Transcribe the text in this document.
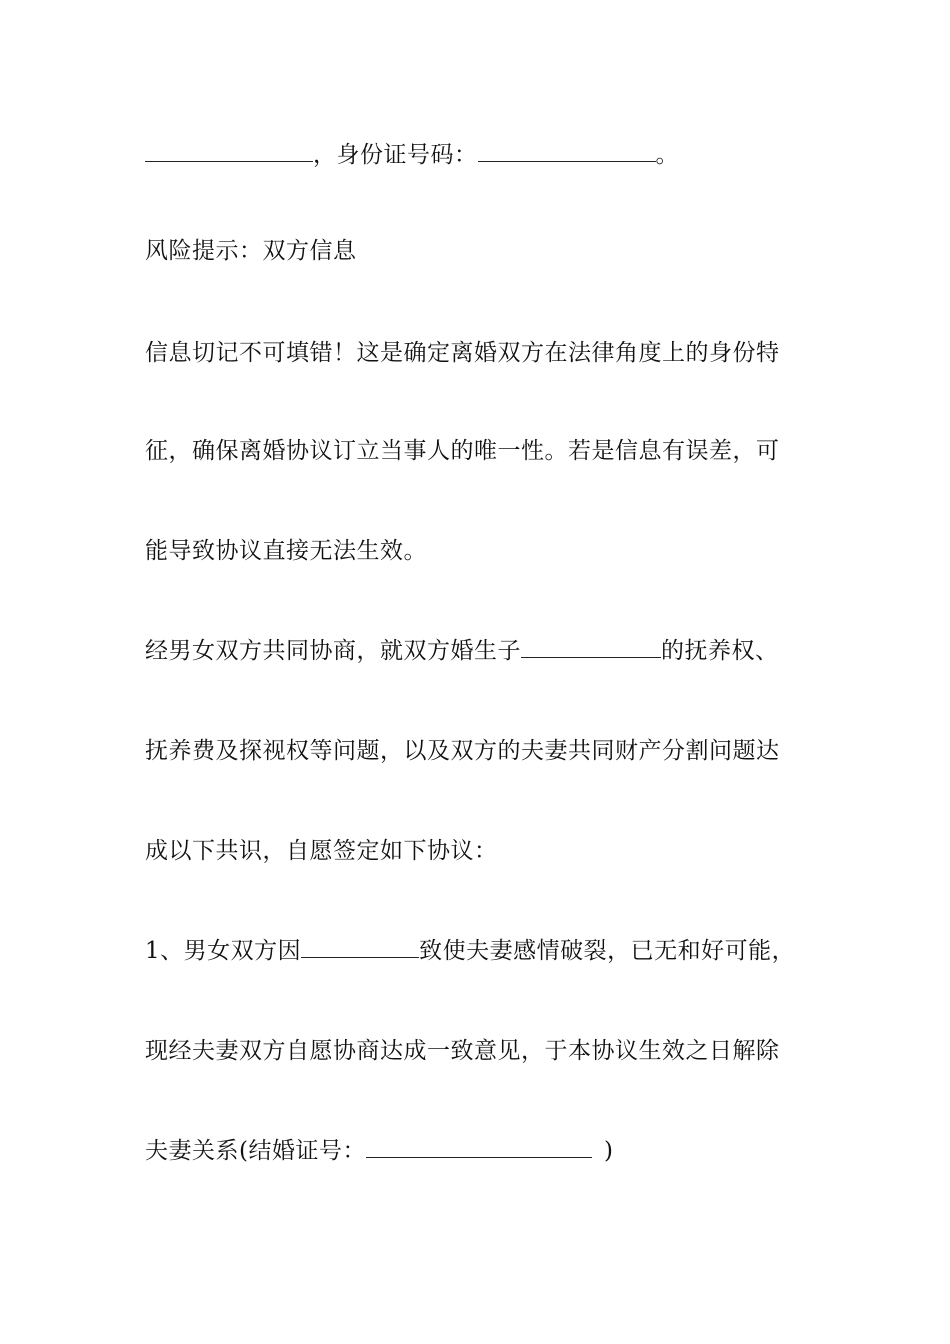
，身份证号码：	。
风险提示：双方信息
信息切记不可填错！这是确定离婚双方在法律角度上的身份特
征，确保离婚协议订立当事人的唯一性。若是信息有误差，可
能导致协议直接无法生效。
经男女双方共同协商，就双方婚生子	的抚养权、
抚养费及探视权等问题，以及双方的夫妻共同财产分割问题达
成以下共识，自愿签定如下协议：
1、男女双方因	致使夫妻感情破裂，已无和好可能，
现经夫妻双方自愿协商达成一致意见，于本协议生效之日解除
夫妻关系(结婚证号：	)
